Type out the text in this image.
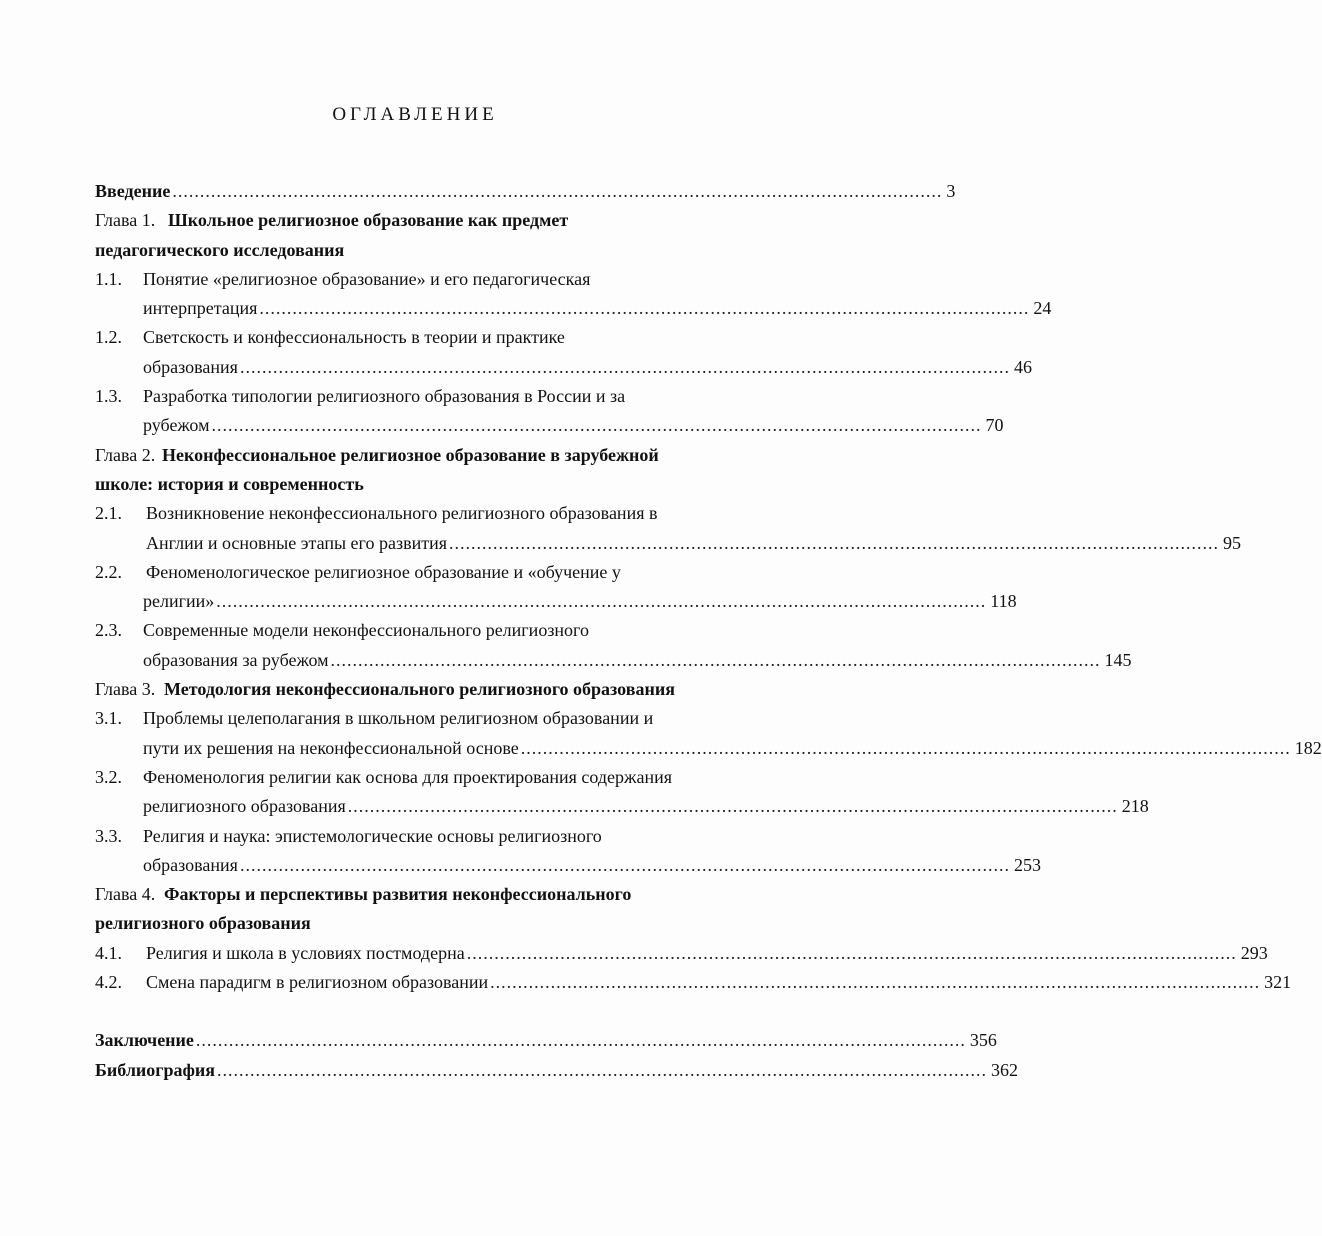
ОГЛАВЛЕНИЕ
Введение ............................................................................................................................................ 3
Глава 1. Школьное религиозное образование как предмет
педагогического исследования
1.1. Понятие «религиозное образование» и его педагогическая
интерпретация ............................................................................................................................................ 24
1.2. Светскость и конфессиональность в теории и практике
образования ............................................................................................................................................ 46
1.3. Разработка типологии религиозного образования в России и за
рубежом ............................................................................................................................................ 70
Глава 2. Неконфессиональное религиозное образование в зарубежной
школе: история и современность
2.1. Возникновение неконфессионального религиозного образования в
Англии и основные этапы его развития ............................................................................................................................................ 95
2.2. Феноменологическое религиозное образование и «обучение у
религии» ............................................................................................................................................ 118
2.3. Современные модели неконфессионального религиозного
образования за рубежом ............................................................................................................................................ 145
Глава 3. Методология неконфессионального религиозного образования
3.1. Проблемы целеполагания в школьном религиозном образовании и
пути их решения на неконфессиональной основе ............................................................................................................................................ 182
3.2. Феноменология религии как основа для проектирования содержания
религиозного образования ............................................................................................................................................ 218
3.3. Религия и наука: эпистемологические основы религиозного
образования ............................................................................................................................................ 253
Глава 4. Факторы и перспективы развития неконфессионального
религиозного образования
4.1. Религия и школа в условиях постмодерна ............................................................................................................................................ 293
4.2. Смена парадигм в религиозном образовании ............................................................................................................................................ 321
Заключение ............................................................................................................................................ 356
Библиография ............................................................................................................................................ 362
